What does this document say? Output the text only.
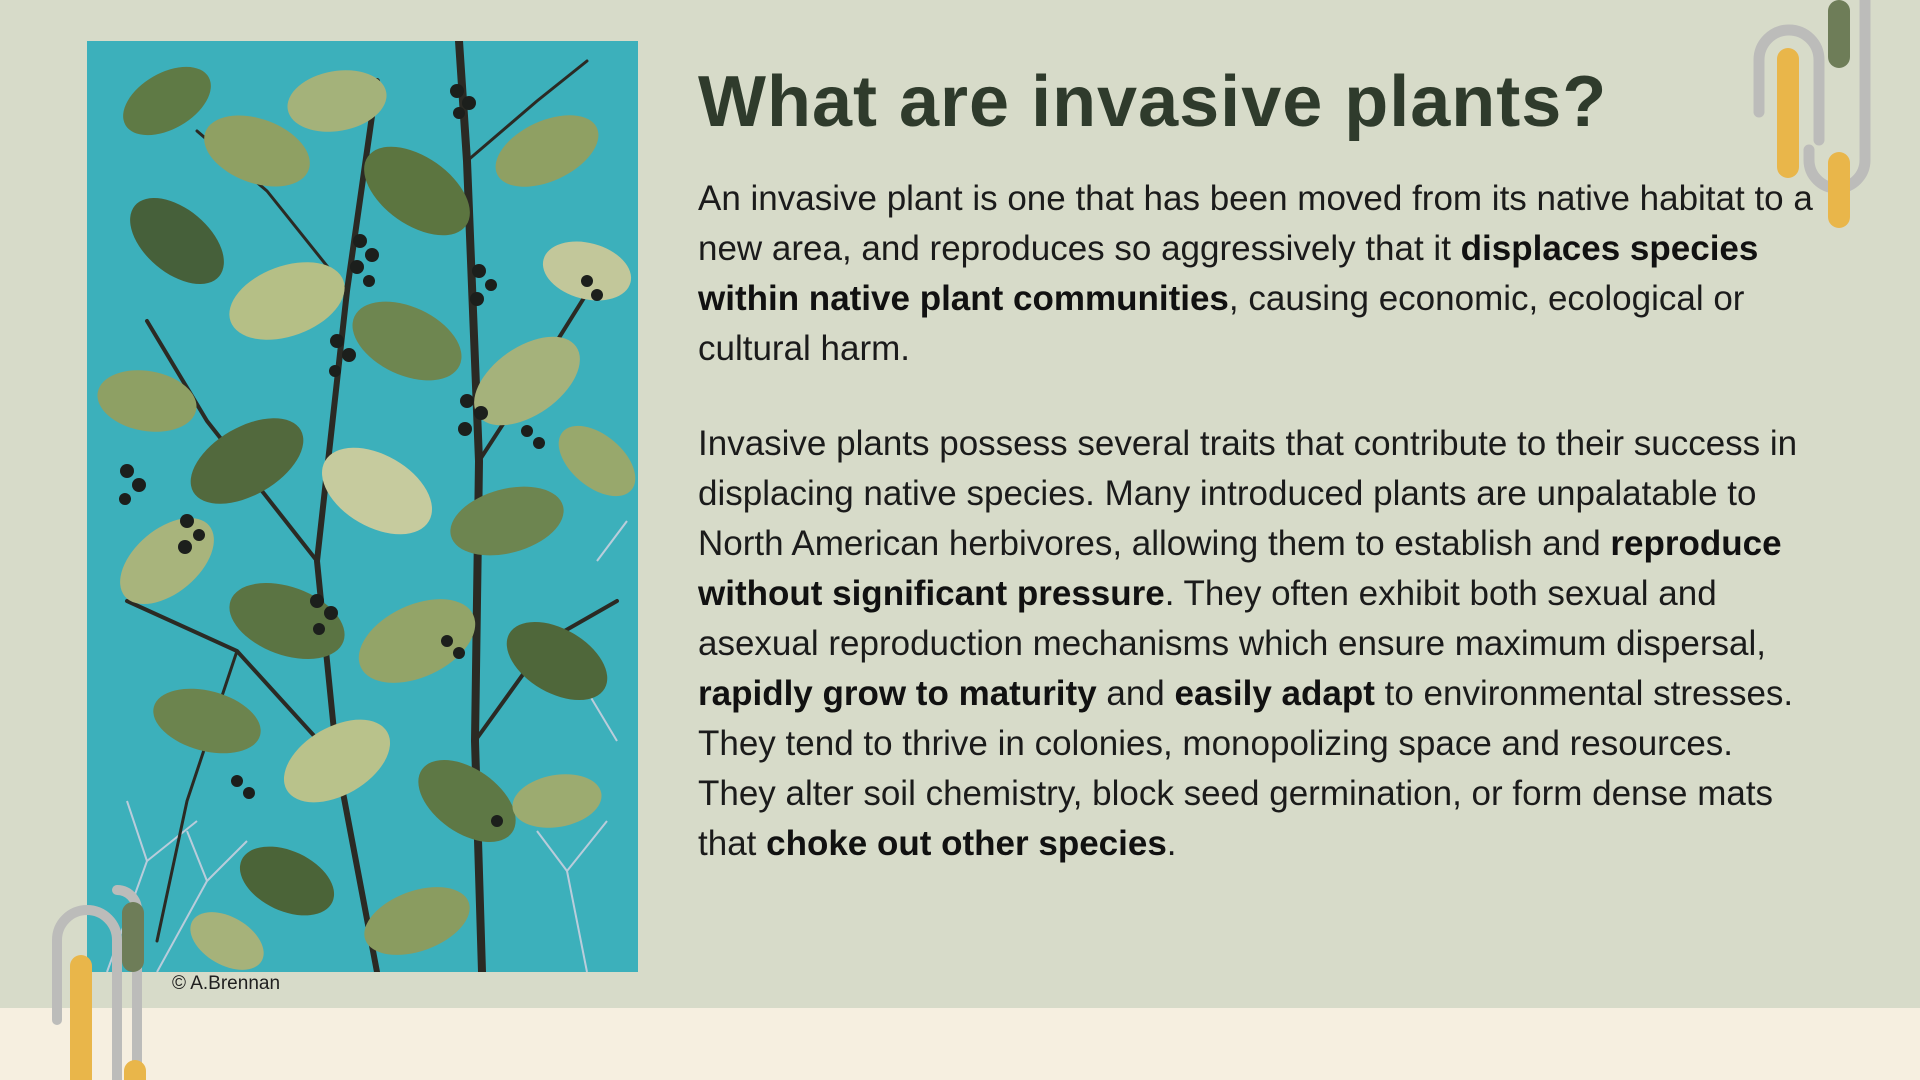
© A.Brennan
What are invasive plants?

An invasive plant is one that has been moved from its native habitat to a new area, and reproduces so aggressively that it displaces species within native plant communities, causing economic, ecological or cultural harm.

Invasive plants possess several traits that contribute to their success in displacing native species. Many introduced plants are unpalatable to North American herbivores, allowing them to establish and reproduce without significant pressure. They often exhibit both sexual and asexual reproduction mechanisms which ensure maximum dispersal, rapidly grow to maturity and easily adapt to environmental stresses. They tend to thrive in colonies, monopolizing space and resources. They alter soil chemistry, block seed germination, or form dense mats that choke out other species.
